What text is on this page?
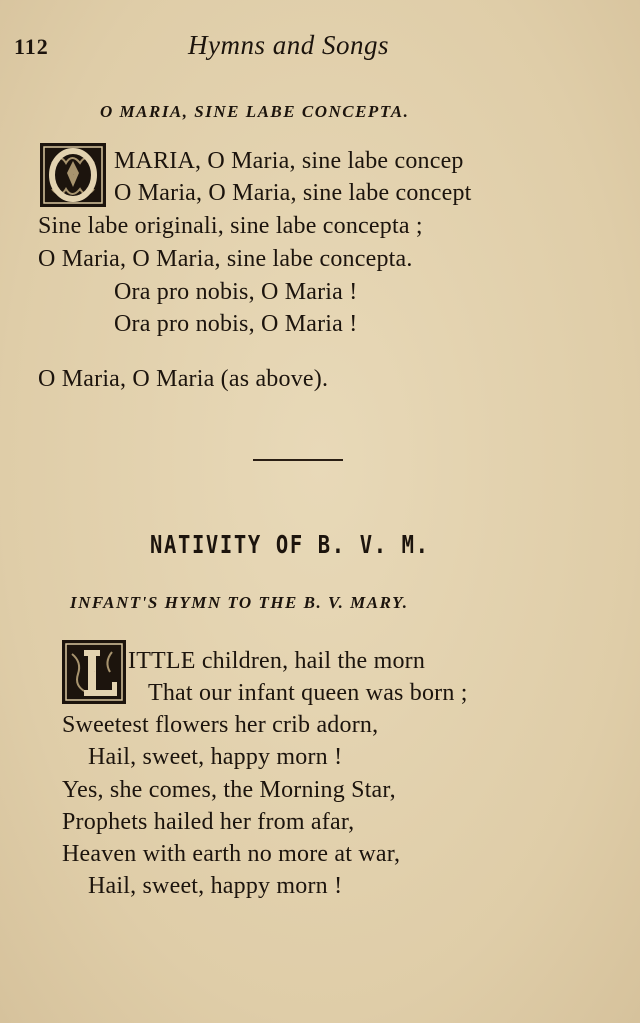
112	Hymns and Songs
O MARIA, SINE LABE CONCEPTA.
O
MARIA, O Maria, sine labe concep
O Maria, O Maria, sine labe concept
Sine labe originali, sine labe concepta ;
O Maria, O Maria, sine labe concepta.
Ora pro nobis, O Maria !
Ora pro nobis, O Maria !
O Maria, O Maria (as above).
NATIVITY OF B. V. M.
INFANT'S HYMN TO THE B. V. MARY.
L ITTLE children, hail the morn
That our infant queen was born ;
Sweetest flowers her crib adorn,
Hail, sweet, happy morn !
Yes, she comes, the Morning Star,
Prophets hailed her from afar,
Heaven with earth no more at war,
Hail, sweet, happy morn !
